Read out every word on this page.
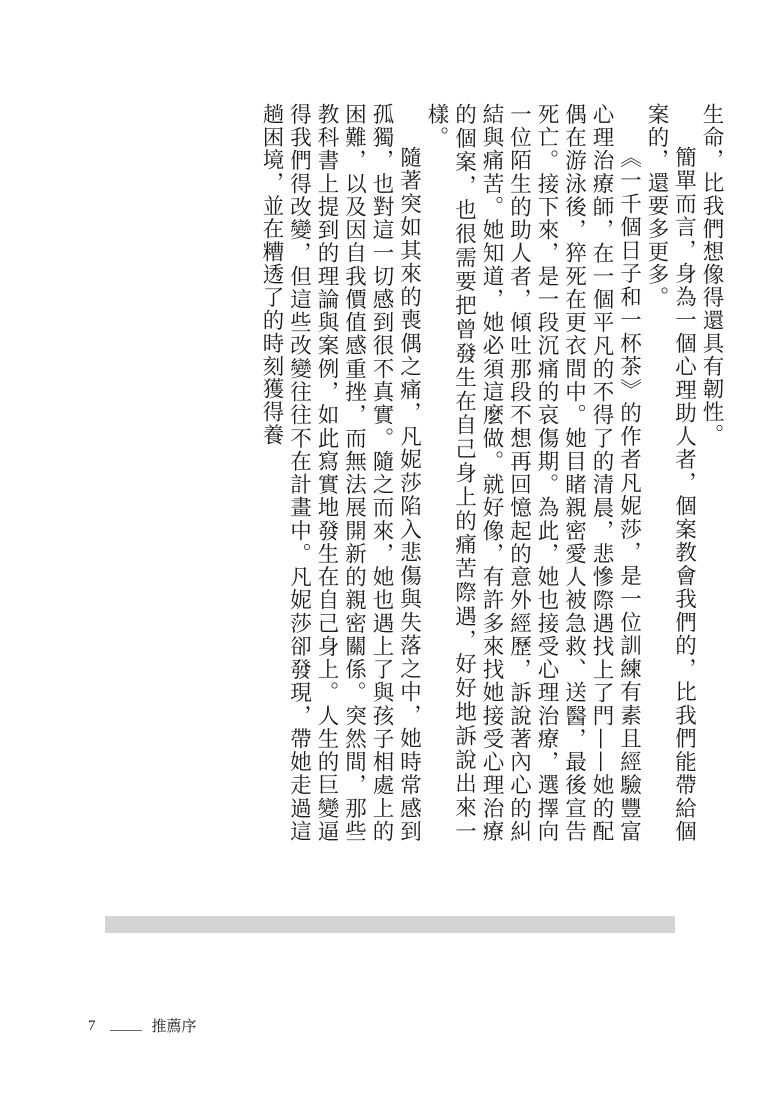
生命，比我們想像得還具有韌性。

簡單而言，身為一個心理助人者，個案教會我們的，比我們能帶給個案的，還要多更多。

《一千個日子和一杯茶》的作者凡妮莎，是一位訓練有素且經驗豐富心理治療師，在一個平凡的不得了的清晨，悲慘際遇找上了門——她的配偶在游泳後，猝死在更衣間中。她目睹親密愛人被急救、送醫，最後宣告死亡。接下來，是一段沉痛的哀傷期。為此，她也接受心理治療，選擇向一位陌生的助人者，傾吐那段不想再回憶起的意外經歷，訴說著內心的糾結與痛苦。她知道，她必須這麼做。就好像，有許多來找她接受心理治療的個案，也很需要把曾發生在自己身上的痛苦際遇，好好地訴說出來一樣。

隨著突如其來的喪偶之痛，凡妮莎陷入悲傷與失落之中，她時常感到孤獨，也對這一切感到很不真實。隨之而來，她也遇上了與孩子相處上的困難，以及因自我價值感重挫，而無法展開新的親密關係。突然間，那些教科書上提到的理論與案例，如此寫實地發生在自己身上。人生的巨變逼得我們得改變，但這些改變往往不在計畫中。凡妮莎卻發現，帶她走過這趟困境，並在糟透了的時刻獲得養

7	推薦序
